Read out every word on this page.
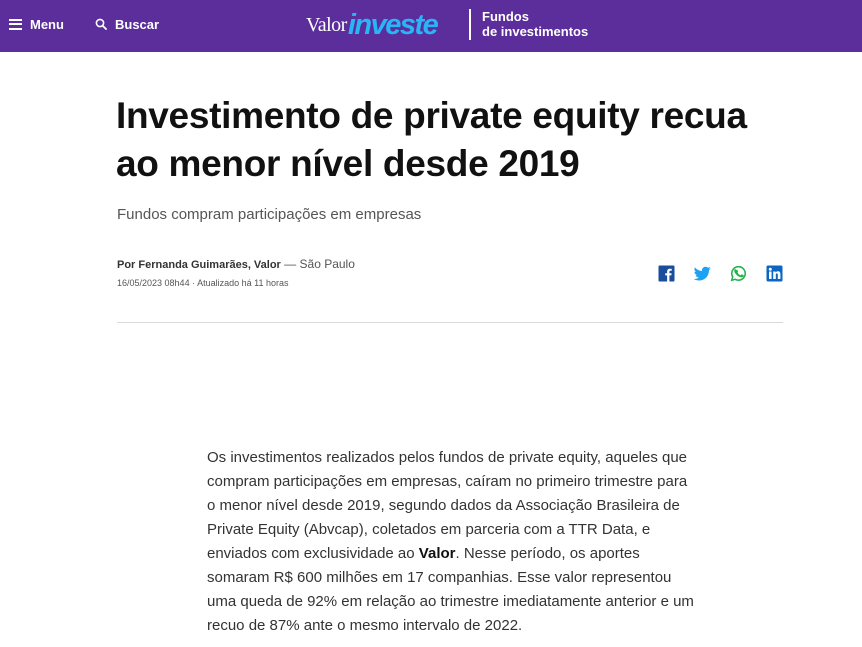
Menu	Buscar	Valor investe	Fundos
de investimentos
Investimento de private equity recua ao menor nível desde 2019

Fundos compram participações em empresas

Por Fernanda Guimarães, Valor — São Paulo
16/05/2023 08h44 · Atualizado há 11 horas

Os investimentos realizados pelos fundos de private equity, aqueles que compram participações em empresas, caíram no primeiro trimestre para o menor nível desde 2019, segundo dados da Associação Brasileira de Private Equity (Abvcap), coletados em parceria com a TTR Data, e enviados com exclusividade ao Valor. Nesse período, os aportes somaram R$ 600 milhões em 17 companhias. Esse valor representou uma queda de 92% em relação ao trimestre imediatamente anterior e um recuo de 87% ante o mesmo intervalo de 2022.
